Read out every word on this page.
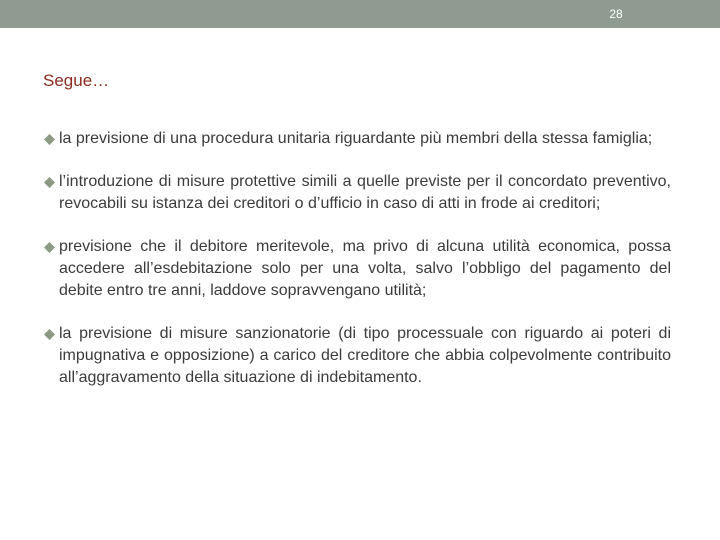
28
Segue…
la previsione di una procedura unitaria riguardante più membri della stessa famiglia;
l’introduzione di misure protettive simili a quelle previste per il concordato preventivo, revocabili su istanza dei creditori o d’ufficio in caso di atti in frode ai creditori;
previsione che il debitore meritevole, ma privo di alcuna utilità economica, possa accedere all’esdebitazione solo per una volta, salvo l’obbligo del pagamento del debite entro tre anni, laddove sopravvengano utilità;
la previsione di misure sanzionatorie (di tipo processuale con riguardo ai poteri di impugnativa e opposizione) a carico del creditore che abbia colpevolmente contribuito all’aggravamento della situazione di indebitamento.
